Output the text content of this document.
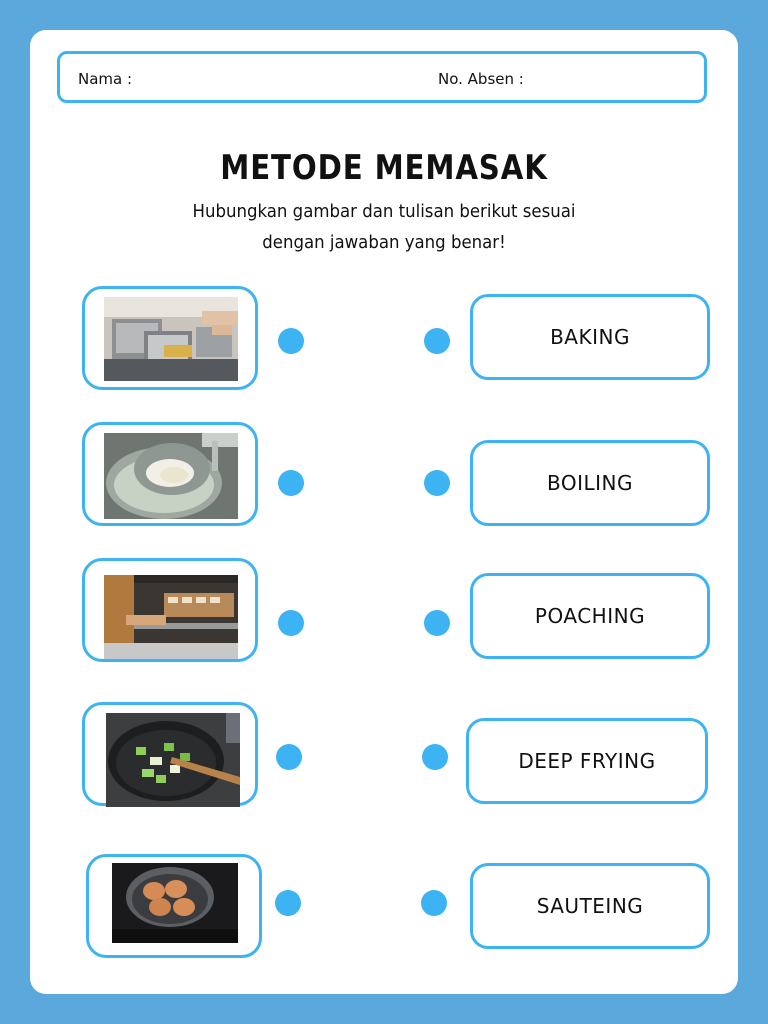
Nama :	No. Absen :
METODE MEMASAK
Hubungkan gambar dan tulisan berikut sesuai
dengan jawaban yang benar!
BAKING
BOILING
POACHING
DEEP FRYING
SAUTEING
